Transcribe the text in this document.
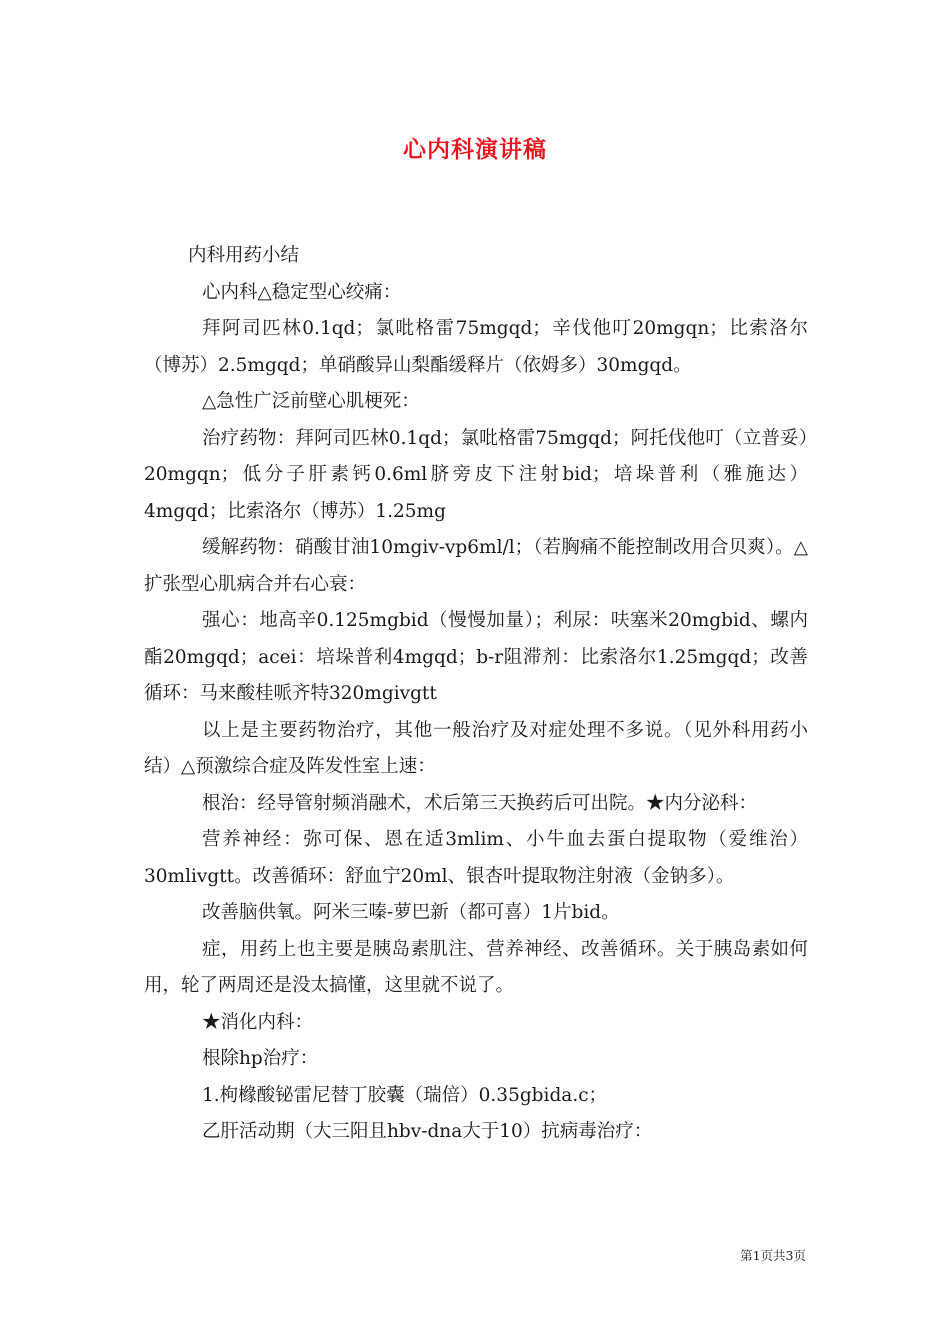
心内科演讲稿

内科用药小结

心内科△稳定型心绞痛：

拜阿司匹林0.1qd；氯吡格雷75mgqd；辛伐他叮20mgqn；比索洛尔（博苏）2.5mgqd；单硝酸异山梨酯缓释片（依姆多）30mgqd。

△急性广泛前壁心肌梗死：

治疗药物：拜阿司匹林0.1qd；氯吡格雷75mgqd；阿托伐他叮（立普妥）20mgqn；低分子肝素钙0.6ml脐旁皮下注射bid；培垛普利（雅施达）4mgqd；比索洛尔（博苏）1.25mg

缓解药物：硝酸甘油10mgiv-vp6ml/l；（若胸痛不能控制改用合贝爽）。△扩张型心肌病合并右心衰：

强心：地高辛0.125mgbid（慢慢加量）；利尿：呋塞米20mgbid、螺内酯20mgqd；acei：培垛普利4mgqd；b-r阻滞剂：比索洛尔1.25mgqd；改善循环：马来酸桂哌齐特320mgivgtt

以上是主要药物治疗，其他一般治疗及对症处理不多说。（见外科用药小结）△预激综合症及阵发性室上速：

根治：经导管射频消融术，术后第三天换药后可出院。★内分泌科：

营养神经：弥可保、恩在适3mlim、小牛血去蛋白提取物（爱维治）30mlivgtt。改善循环：舒血宁20ml、银杏叶提取物注射液（金钠多）。

改善脑供氧。阿米三嗪-萝巴新（都可喜）1片bid。

症，用药上也主要是胰岛素肌注、营养神经、改善循环。关于胰岛素如何用，轮了两周还是没太搞懂，这里就不说了。

★消化内科：

根除hp治疗：

1.枸橼酸铋雷尼替丁胶囊（瑞倍）0.35gbida.c；

乙肝活动期（大三阳且hbv-dna大于10）抗病毒治疗：

第1页共3页
